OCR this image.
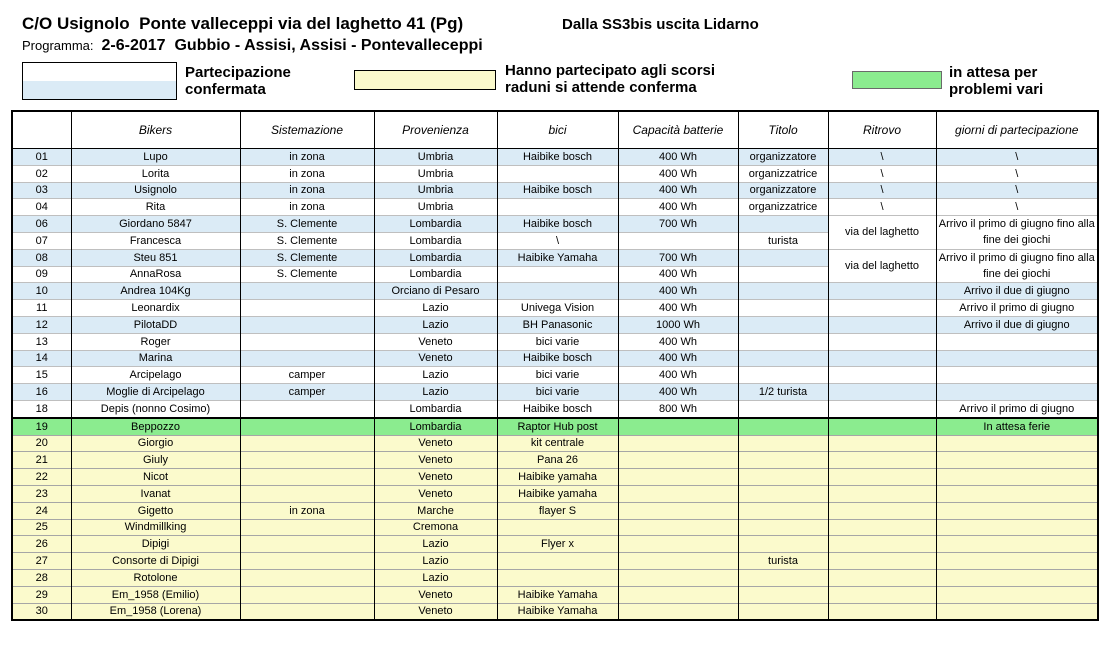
C/O Usignolo  Ponte valleceppi via del laghetto 41 (Pg)	Dalla SS3bis uscita Lidarno
Programma: 2-6-2017  Gubbio - Assisi, Assisi - Pontevalleceppi
Partecipazione
confermata
Hanno partecipato agli scorsi
raduni si attende conferma
in attesa per
problemi vari
	Bikers	Sistemazione	Provenienza	bici	Capacità batterie	Titolo	Ritrovo	giorni di partecipazione
01	Lupo	in zona	Umbria	Haibike bosch	400 Wh	organizzatore	\	\
02	Lorita	in zona	Umbria		400 Wh	organizzatrice	\	\
03	Usignolo	in zona	Umbria	Haibike bosch	400 Wh	organizzatore	\	\
04	Rita	in zona	Umbria		400 Wh	organizzatrice	\	\
06	Giordano 5847	S. Clemente	Lombardia	Haibike bosch	700 Wh		via del laghetto	Arrivo il primo di giugno fino alla fine dei giochi
07	Francesca	S. Clemente	Lombardia	\		turista		
08	Steu 851	S. Clemente	Lombardia	Haibike Yamaha	700 Wh		via del laghetto	Arrivo il primo di giugno fino alla fine dei giochi
09	AnnaRosa	S. Clemente	Lombardia		400 Wh			
10	Andrea 104Kg		Orciano di Pesaro		400 Wh			Arrivo il due di giugno
11	Leonardix		Lazio	Univega Vision	400 Wh			Arrivo il primo di giugno
12	PilotaDD		Lazio	BH Panasonic	1000 Wh			Arrivo il due di giugno
13	Roger		Veneto	bici varie	400 Wh			
14	Marina		Veneto	Haibike bosch	400 Wh			
15	Arcipelago	camper	Lazio	bici varie	400 Wh			
16	Moglie di Arcipelago	camper	Lazio	bici varie	400 Wh	1/2 turista		
18	Depis (nonno Cosimo)		Lombardia	Haibike bosch	800 Wh			Arrivo il primo di giugno
19	Beppozzo		Lombardia	Raptor Hub post				In attesa ferie
20	Giorgio		Veneto	kit centrale				
21	Giuly		Veneto	Pana 26				
22	Nicot		Veneto	Haibike yamaha				
23	Ivanat		Veneto	Haibike yamaha				
24	Gigetto	in zona	Marche	flayer S				
25	Windmillking		Cremona					
26	Dipigi		Lazio	Flyer x				
27	Consorte di Dipigi		Lazio			turista		
28	Rotolone		Lazio					
29	Em_1958 (Emilio)		Veneto	Haibike Yamaha				
30	Em_1958 (Lorena)		Veneto	Haibike Yamaha				
